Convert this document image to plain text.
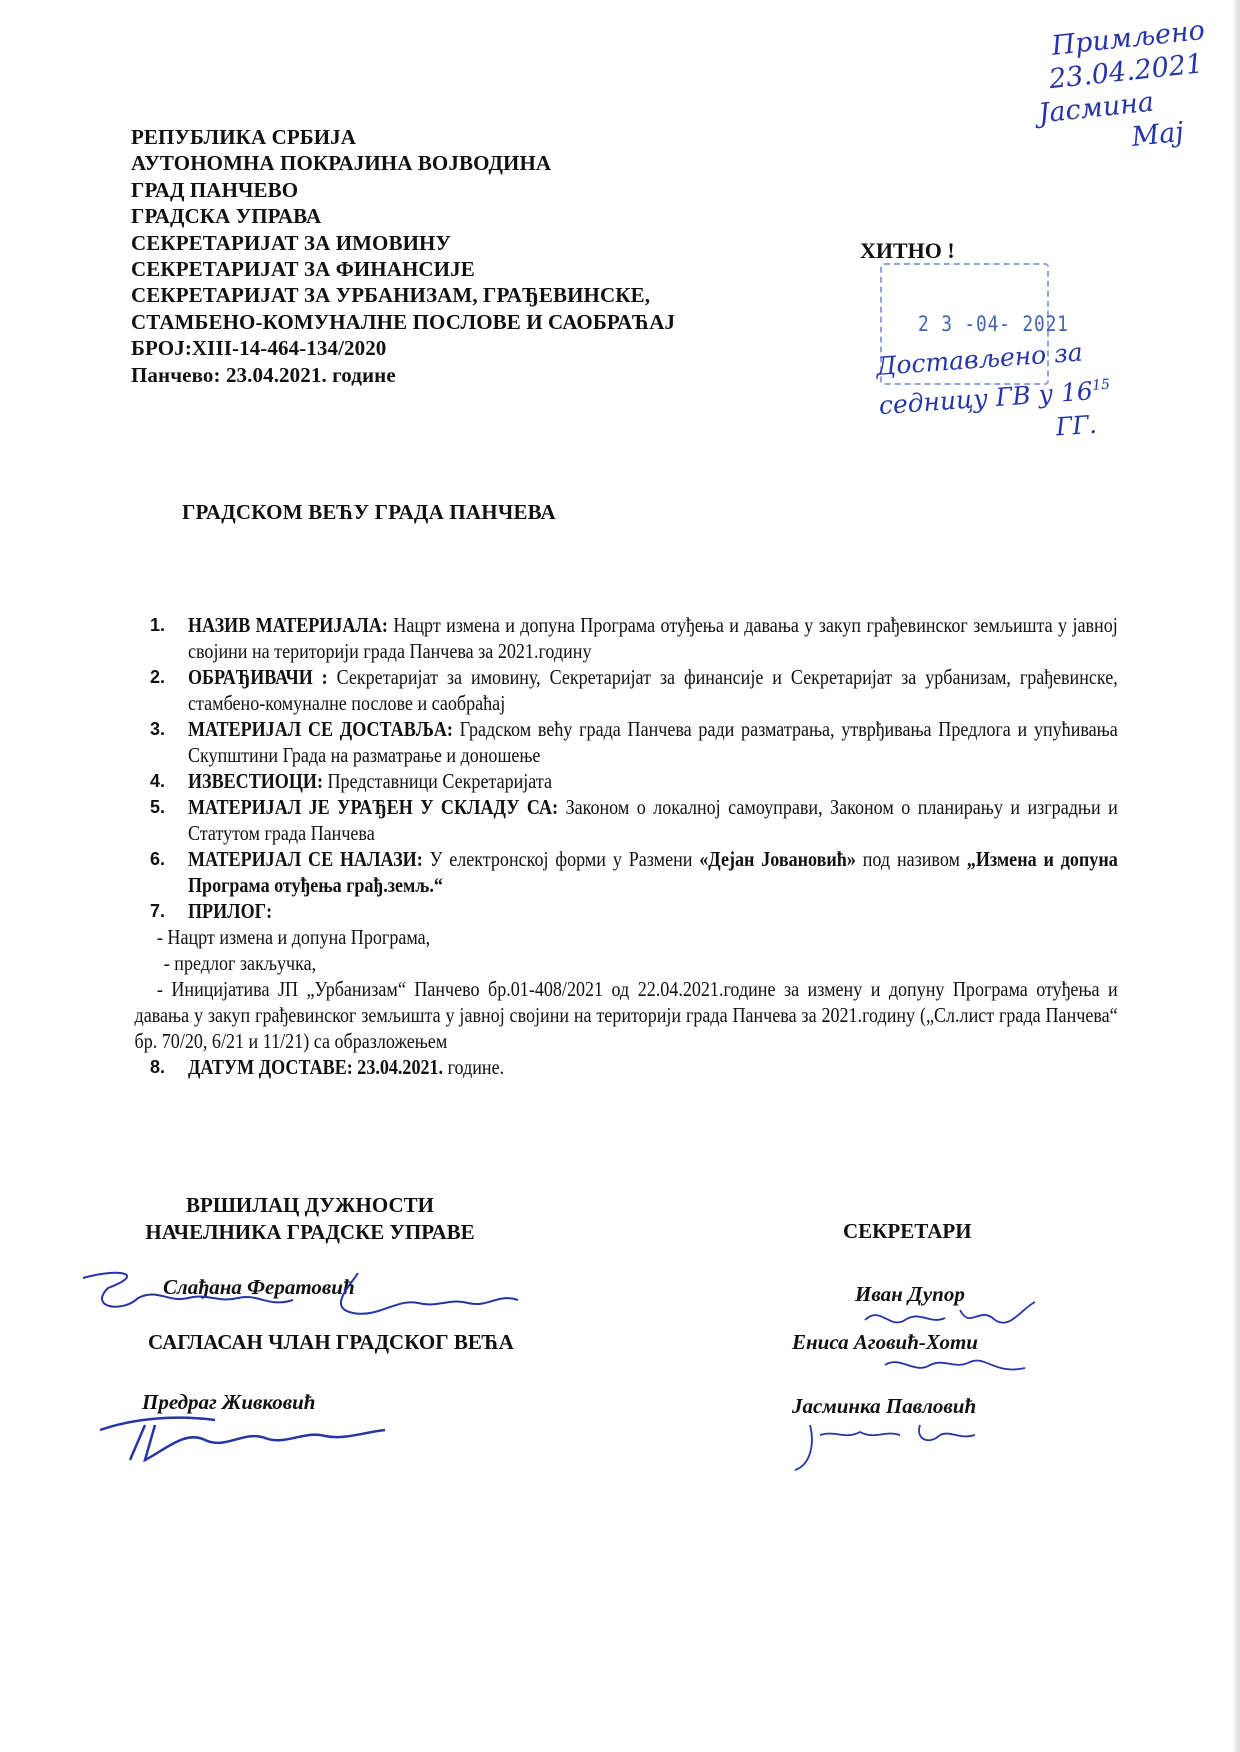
РЕПУБЛИКА СРБИЈА
АУТОНОМНА ПОКРАЈИНА ВОЈВОДИНА
ГРАД ПАНЧЕВО
ГРАДСКА УПРАВА
СЕКРЕТАРИЈАТ ЗА ИМОВИНУ
СЕКРЕТАРИЈАТ ЗА ФИНАНСИЈЕ
СЕКРЕТАРИЈАТ ЗА УРБАНИЗАМ, ГРАЂЕВИНСКЕ,
СТАМБЕНО-КОМУНАЛНЕ ПОСЛОВЕ И САОБРАЋАЈ
БРОЈ:XIII-14-464-134/2020
Панчево: 23.04.2021. године
Примљено
23.04.2021
Јасмина
Мај
ХИТНО !
2 3 -04- 2021
Достављено за
седницу ГВ у $16^{15}$
ГГ.
ГРАДСКОМ ВЕЋУ ГРАДА ПАНЧЕВА
1. НАЗИВ МАТЕРИЈАЛА: Нацрт измена и допуна Програма отуђења и давања у закуп грађевинског земљишта у јавној својини на територији града Панчева за 2021.годину
2. ОБРАЂИВАЧИ : Секретаријат за имовину, Секретаријат за финансије и Секретаријат за урбанизам, грађевинске, стамбено-комуналне послове и саобраћај
3. МАТЕРИЈАЛ СЕ ДОСТАВЉА: Градском већу града Панчева ради разматрања, утврђивања Предлога и упућивања Скупштини Града на разматрање и доношење
4. ИЗВЕСТИОЦИ: Представници Секретаријата
5. МАТЕРИЈАЛ ЈЕ УРАЂЕН У СКЛАДУ СА: Законом о локалној самоуправи, Законом о планирању и изградњи и Статутом града Панчева
6. МАТЕРИЈАЛ СЕ НАЛАЗИ: У електронској форми у Размени «Дејан Јовановић» под називом „Измена и допуна Програма отуђења грађ.земљ.“
7. ПРИЛОГ:
- Нацрт измена и допуна Програма,
- предлог закључка,
- Иницијатива ЈП „Урбанизам“ Панчево бр.01-408/2021 од 22.04.2021.године за измену и допуну Програма отуђења и давања у закуп грађевинског земљишта у јавној својини на територији града Панчева за 2021.годину („Сл.лист града Панчева“ бр. 70/20, 6/21 и 11/21) са образложењем
8. ДАТУМ ДОСТАВЕ: 23.04.2021. године.
ВРШИЛАЦ ДУЖНОСТИ
НАЧЕЛНИКА ГРАДСКЕ УПРАВЕ
Слађана Ферaтовић
САГЛАСАН ЧЛАН ГРАДСКОГ ВЕЋА
Предраг Живковић
СЕКРЕТАРИ
Иван Дупор
Ениса Аговић-Хоти
Јасминка Павловић
